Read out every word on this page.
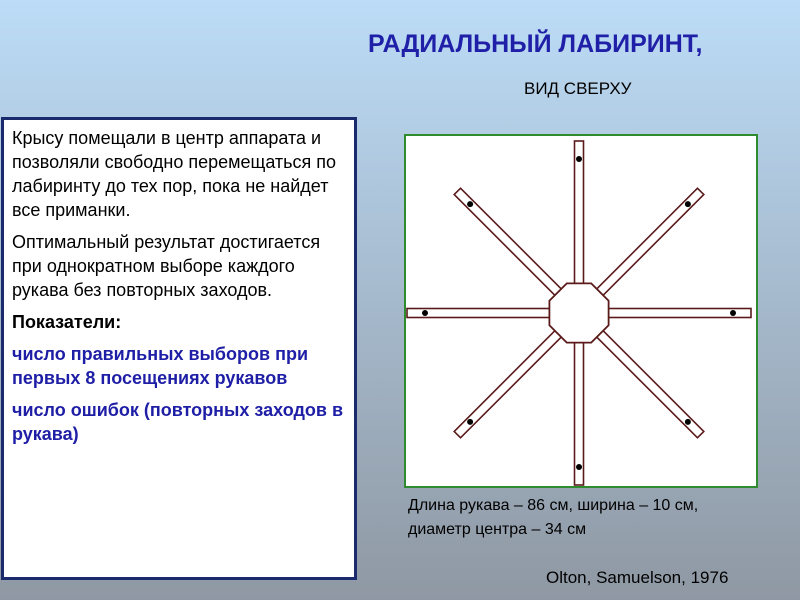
РАДИАЛЬНЫЙ ЛАБИРИНТ,
ВИД СВЕРХУ

Крысу помещали в центр аппарата и позволяли свободно перемещаться по лабиринту до тех пор, пока не найдет все приманки.

Оптимальный результат достигается при однократном выборе каждого рукава без повторных заходов.

Показатели:

число правильных выборов при первых 8 посещениях рукавов

число ошибок (повторных заходов в рукава)

Длина рукава – 86 см, ширина – 10 см, диаметр центра – 34 см
Olton, Samuelson, 1976
